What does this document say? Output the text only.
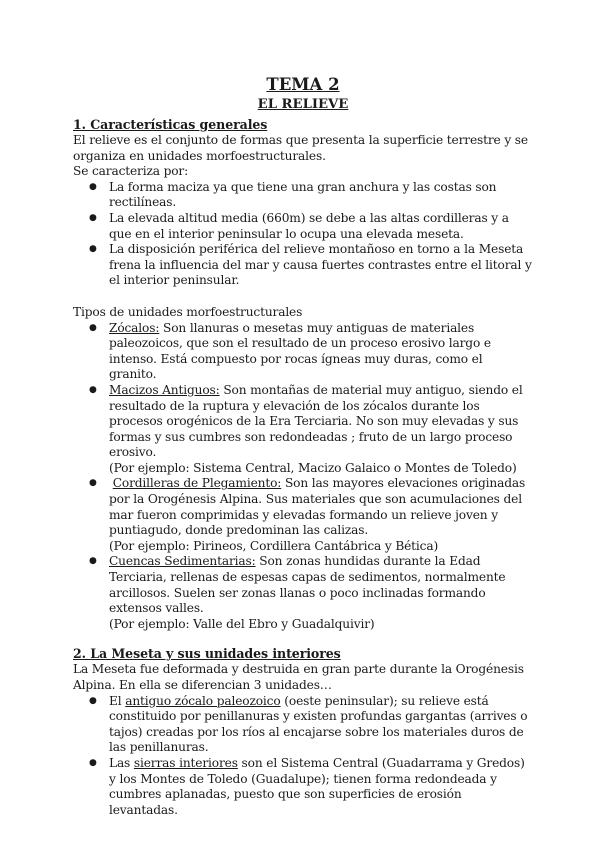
TEMA 2
EL RELIEVE

1. Características generales

El relieve es el conjunto de formas que presenta la superficie terrestre y se organiza en unidades morfoestructurales.

Se caracteriza por:

● La forma maciza ya que tiene una gran anchura y las costas son rectilíneas.
● La elevada altitud media (660m) se debe a las altas cordilleras y a que en el interior peninsular lo ocupa una elevada meseta.
● La disposición periférica del relieve montañoso en torno a la Meseta frena la influencia del mar y causa fuertes contrastes entre el litoral y el interior peninsular.

Tipos de unidades morfoestructurales

● Zócalos: Son llanuras o mesetas muy antiguas de materiales paleozoicos, que son el resultado de un proceso erosivo largo e intenso. Está compuesto por rocas ígneas muy duras, como el granito.
● Macizos Antiguos: Son montañas de material muy antiguo, siendo el resultado de la ruptura y elevación de los zócalos durante los procesos orogénicos de la Era Terciaria. No son muy elevadas y sus formas y sus cumbres son redondeadas ; fruto de un largo proceso erosivo.
(Por ejemplo: Sistema Central, Macizo Galaico o Montes de Toledo)
● Cordilleras de Plegamiento: Son las mayores elevaciones originadas por la Orogénesis Alpina. Sus materiales que son acumulaciones del mar fueron comprimidas y elevadas formando un relieve joven y puntiagudo, donde predominan las calizas.
(Por ejemplo: Pirineos, Cordillera Cantábrica y Bética)
● Cuencas Sedimentarias: Son zonas hundidas durante la Edad Terciaria, rellenas de espesas capas de sedimentos, normalmente arcillosos. Suelen ser zonas llanas o poco inclinadas formando extensos valles.
(Por ejemplo: Valle del Ebro y Guadalquivir)

2. La Meseta y sus unidades interiores

La Meseta fue deformada y destruida en gran parte durante la Orogénesis Alpina. En ella se diferencian 3 unidades…

● El antiguo zócalo paleozoico (oeste peninsular); su relieve está constituido por penillanuras y existen profundas gargantas (arrives o tajos) creadas por los ríos al encajarse sobre los materiales duros de las penillanuras.
● Las sierras interiores son el Sistema Central (Guadarrama y Gredos) y los Montes de Toledo (Guadalupe); tienen forma redondeada y cumbres aplanadas, puesto que son superficies de erosión levantadas.
